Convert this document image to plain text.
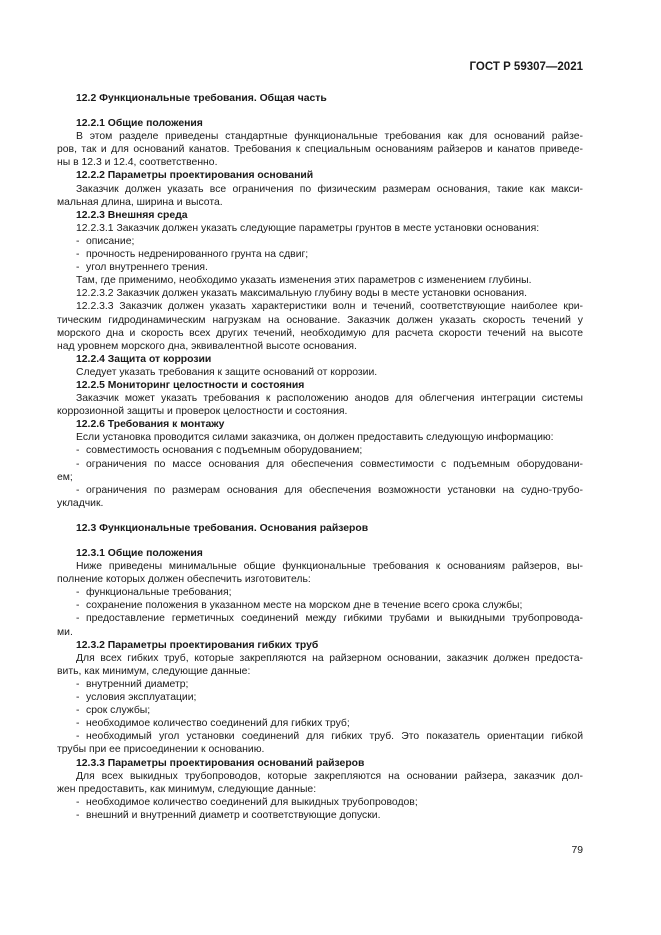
ГОСТ Р 59307—2021

12.2 Функциональные требования. Общая часть

12.2.1 Общие положения

В этом разделе приведены стандартные функциональные требования как для оснований райзе-

ров, так и для оснований канатов. Требования к специальным основаниям райзеров и канатов приведе-

ны в 12.3 и 12.4, соответственно.

12.2.2 Параметры проектирования оснований

Заказчик должен указать все ограничения по физическим размерам основания, такие как макси-

мальная длина, ширина и высота.

12.2.3 Внешняя среда

12.2.3.1 Заказчик должен указать следующие параметры грунтов в месте установки основания:

- описание;

- прочность недренированного грунта на сдвиг;

- угол внутреннего трения.

Там, где применимо, необходимо указать изменения этих параметров с изменением глубины.

12.2.3.2 Заказчик должен указать максимальную глубину воды в месте установки основания.

12.2.3.3 Заказчик должен указать характеристики волн и течений, соответствующие наиболее кри-

тическим гидродинамическим нагрузкам на основание. Заказчик должен указать скорость течений у

морского дна и скорость всех других течений, необходимую для расчета скорости течений на высоте

над уровнем морского дна, эквивалентной высоте основания.

12.2.4 Защита от коррозии

Следует указать требования к защите оснований от коррозии.

12.2.5 Мониторинг целостности и состояния

Заказчик может указать требования к расположению анодов для облегчения интеграции системы

коррозионной защиты и проверок целостности и состояния.

12.2.6 Требования к монтажу

Если установка проводится силами заказчика, он должен предоставить следующую информацию:

- совместимость основания с подъемным оборудованием;

- ограничения по массе основания для обеспечения совместимости с подъемным оборудовани-

ем;

- ограничения по размерам основания для обеспечения возможности установки на судно-трубо-

укладчик.

12.3 Функциональные требования. Основания райзеров

12.3.1 Общие положения

Ниже приведены минимальные общие функциональные требования к основаниям райзеров, вы-

полнение которых должен обеспечить изготовитель:

- функциональные требования;

- сохранение положения в указанном месте на морском дне в течение всего срока службы;

- предоставление герметичных соединений между гибкими трубами и выкидными трубопровода-

ми.

12.3.2 Параметры проектирования гибких труб

Для всех гибких труб, которые закрепляются на райзерном основании, заказчик должен предоста-

вить, как минимум, следующие данные:

- внутренний диаметр;

- условия эксплуатации;

- срок службы;

- необходимое количество соединений для гибких труб;

- необходимый угол установки соединений для гибких труб. Это показатель ориентации гибкой

трубы при ее присоединении к основанию.

12.3.3 Параметры проектирования оснований райзеров

Для всех выкидных трубопроводов, которые закрепляются на основании райзера, заказчик дол-

жен предоставить, как минимум, следующие данные:

- необходимое количество соединений для выкидных трубопроводов;

- внешний и внутренний диаметр и соответствующие допуски.

79
